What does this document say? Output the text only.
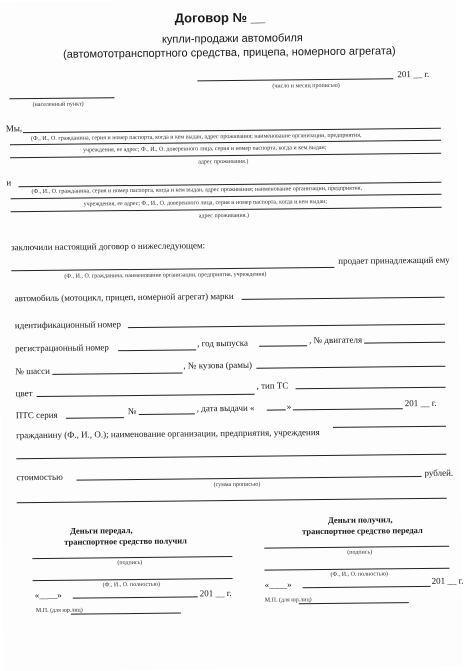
Договор № __
купли-продажи автомобиля
(автомототранспортного средства, прицепа, номерного агрегата)
201 __ г.
(населенный пункт)
(число и месяц прописью)
Мы,
(Ф., И., О. гражданина, серия и номер паспорта, когда и кем выдан, адрес проживания; наименование организации, предприятия,
учреждения, ее адрес; Ф., И., О. доверенного лица, серия и номер паспорта, когда и кем выдан;
адрес проживания.)
и
(Ф., И., О. гражданина, серия и номер паспорта, когда и кем выдан, адрес проживания; наименование организации, предприятия,
учреждения, ее адрес; Ф., И., О. доверенного лица, серия и номер паспорта, когда и кем выдан;
адрес проживания.)
заключили настоящий договор о нижеследующем:
продает принадлежащий ему
(Ф., И., О. гражданина, наименование организации, предприятия, учреждения)
автомобиль (мотоцикл, прицеп, номерной агрегат) марки
идентификационный номер
регистрационный номер	, год выпуска	, № двигателя
№ шасси
, № кузова (рамы)
цвет
, тип ТС
ПТС серия	№	, дата выдачи «	»	201 __ г.
гражданину (Ф., И., О.); наименование организации, предприятия, учреждения
стоимостью	рублей.
(сумма прописью)
Деньги передал,
транспортное средство получил
(подпись)
(Ф., И., О. полностью)
«____»	201 __ г.
М.П. (для юр.лиц)
Деньги получил,
транспортное средство передал
(подпись)
(Ф., И., О. полностью)
«____»	201 __ г.
М.П. (для юр.лиц)
